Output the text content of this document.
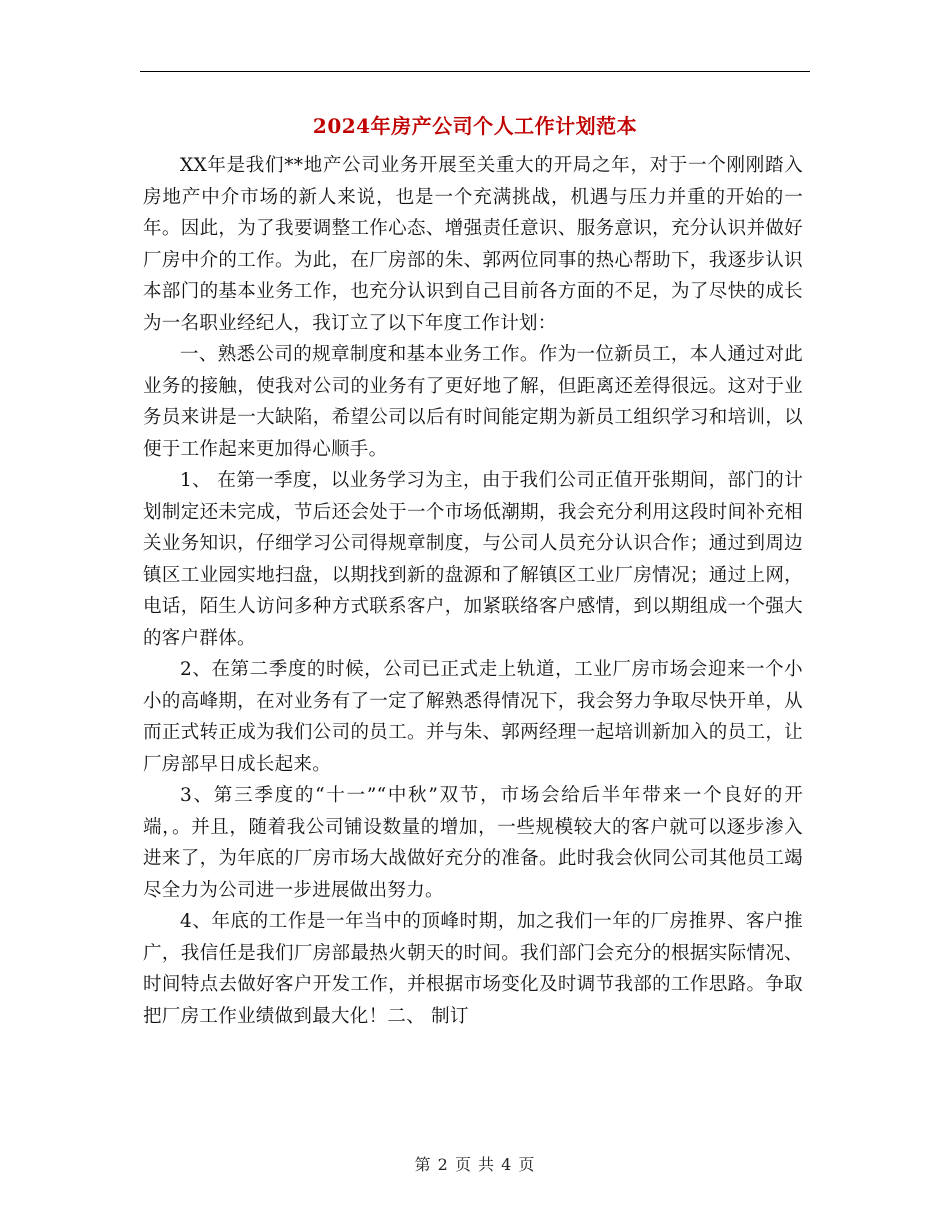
2024年房产公司个人工作计划范本

XX年是我们**地产公司业务开展至关重大的开局之年，对于一个刚刚踏入房地产中介市场的新人来说，也是一个充满挑战，机遇与压力并重的开始的一年。因此，为了我要调整工作心态、增强责任意识、服务意识，充分认识并做好厂房中介的工作。为此，在厂房部的朱、郭两位同事的热心帮助下，我逐步认识本部门的基本业务工作，也充分认识到自己目前各方面的不足，为了尽快的成长为一名职业经纪人，我订立了以下年度工作计划：

一、熟悉公司的规章制度和基本业务工作。作为一位新员工，本人通过对此业务的接触，使我对公司的业务有了更好地了解，但距离还差得很远。这对于业务员来讲是一大缺陷，希望公司以后有时间能定期为新员工组织学习和培训，以便于工作起来更加得心顺手。

1、 在第一季度，以业务学习为主，由于我们公司正值开张期间，部门的计划制定还未完成，节后还会处于一个市场低潮期，我会充分利用这段时间补充相关业务知识，仔细学习公司得规章制度，与公司人员充分认识合作；通过到周边镇区工业园实地扫盘，以期找到新的盘源和了解镇区工业厂房情况；通过上网，电话，陌生人访问多种方式联系客户，加紧联络客户感情，到以期组成一个强大的客户群体。

2、在第二季度的时候，公司已正式走上轨道，工业厂房市场会迎来一个小小的高峰期，在对业务有了一定了解熟悉得情况下，我会努力争取尽快开单，从而正式转正成为我们公司的员工。并与朱、郭两经理一起培训新加入的员工，让厂房部早日成长起来。

3、第三季度的“十一”“中秋”双节，市场会给后半年带来一个良好的开端，。并且，随着我公司铺设数量的增加，一些规模较大的客户就可以逐步渗入进来了，为年底的厂房市场大战做好充分的准备。此时我会伙同公司其他员工竭尽全力为公司进一步进展做出努力。

4、年底的工作是一年当中的顶峰时期，加之我们一年的厂房推界、客户推广，我信任是我们厂房部最热火朝天的时间。我们部门会充分的根据实际情况、时间特点去做好客户开发工作，并根据市场变化及时调节我部的工作思路。争取把厂房工作业绩做到最大化！二、 制订

第 2 页 共 4 页
